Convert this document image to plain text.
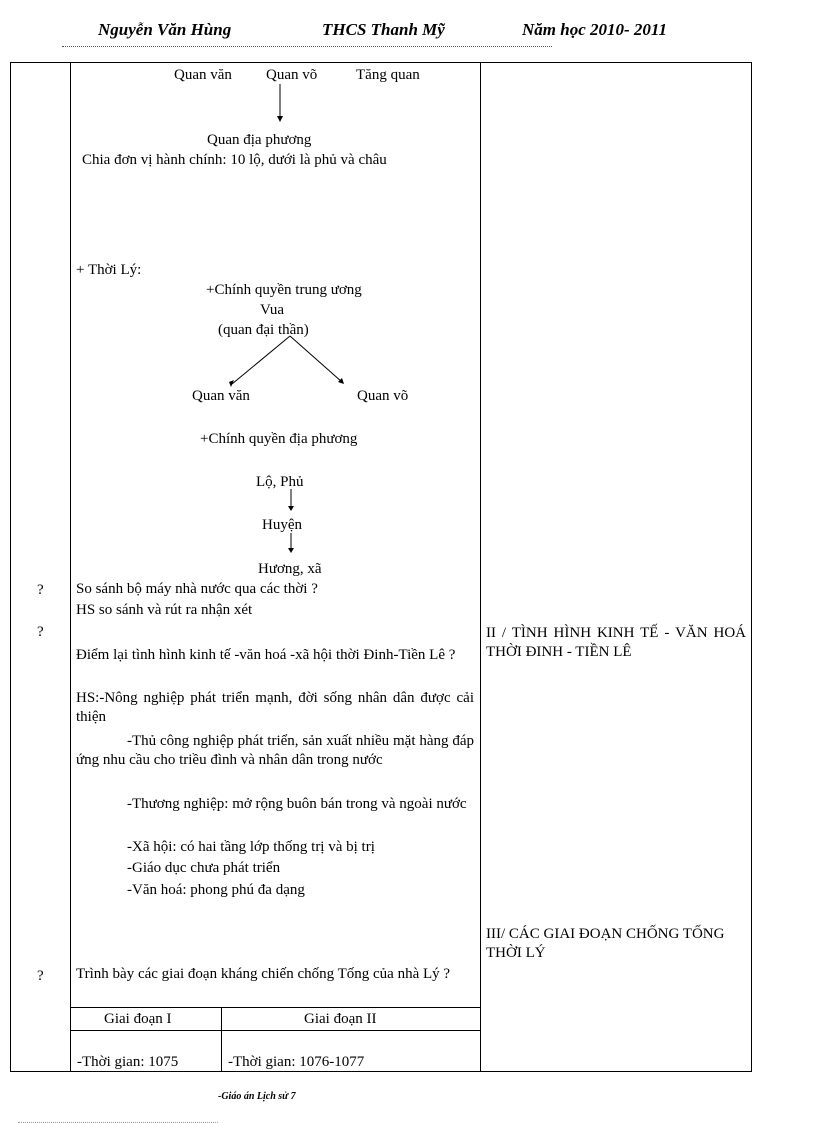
Nguyễn Văn Hùng	THCS Thanh Mỹ	Năm học 2010- 2011
?
?
?
Quan văn Quan võ	Tăng quan
Quan địa phương
Chia đơn vị hành chính: 10 lộ, dưới là phủ và châu
+ Thời Lý:
+Chính quyền trung ương
Vua
(quan đại thần)
Quan văn	Quan võ
+Chính quyền địa phương
Lộ, Phủ
Huyện
Hương, xã
So sánh bộ máy nhà nước qua các thời ?
HS so sánh và rút ra nhận xét
Điểm lại tình hình kinh tế -văn hoá -xã hội thời Đinh-Tiền Lê ?
HS:-Nông nghiệp phát triển mạnh, đời sống nhân dân được cải thiện
-Thủ công nghiệp phát triển, sản xuất nhiều mặt hàng đáp ứng nhu cầu cho triều đình và nhân dân trong nước
-Thương nghiệp: mở rộng buôn bán trong và ngoài nước
-Xã hội: có hai tầng lớp thống trị và bị trị
-Giáo dục chưa phát triển
-Văn hoá: phong phú đa dạng
Trình bày các giai đoạn kháng chiến chống Tống của nhà Lý ?
Giai đoạn I	Giai đoạn II
-Thời gian: 1075	-Thời gian: 1076-1077
II / TÌNH HÌNH KINH TẾ - VĂN HOÁ THỜI ĐINH - TIỀN LÊ
III/ CÁC GIAI ĐOẠN CHỐNG TỐNG THỜI LÝ
-Giáo án Lịch sử 7
